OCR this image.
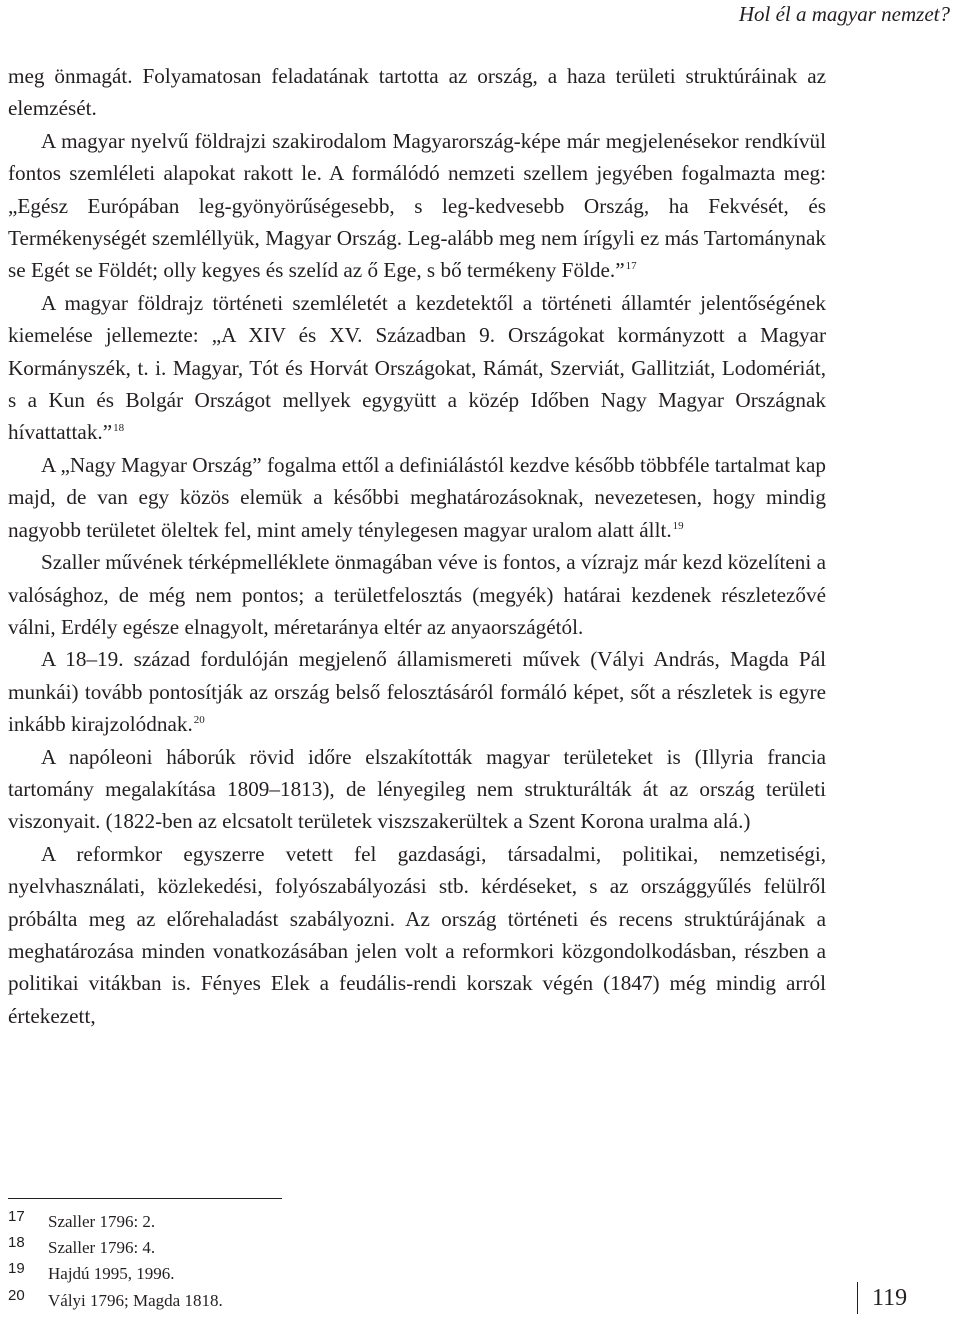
Hol él a magyar nemzet?

meg önmagát. Folyamatosan feladatának tartotta az ország, a haza területi struktúráinak az elemzését.

A magyar nyelvű földrajzi szakirodalom Magyarország-képe már megjelenésekor rendkívül fontos szemléleti alapokat rakott le. A formálódó nemzeti szellem jegyében fogalmazta meg: „Egész Európában leg-gyönyörűségesebb, s leg-kedvesebb Ország, ha Fekvését, és Termékenységét szemléllyük, Magyar Ország. Leg-alább meg nem írígyli ez más Tartománynak se Egét se Földét; olly kegyes és szelíd az ő Ege, s bő termékeny Földe.”$^{17}$

A magyar földrajz történeti szemléletét a kezdetektől a történeti államtér jelentőségének kiemelése jellemezte: „A XIV és XV. Században 9. Országokat kormányzott a Magyar Kormányszék, t. i. Magyar, Tót és Horvát Országokat, Rámát, Szerviát, Gallitziát, Lodomériát, s a Kun és Bolgár Országot mellyek egygyütt a közép Időben Nagy Magyar Országnak hívattattak.”$^{18}$

A „Nagy Magyar Ország” fogalma ettől a definiálástól kezdve később többféle tartalmat kap majd, de van egy közös elemük a későbbi meghatározásoknak, nevezetesen, hogy mindig nagyobb területet öleltek fel, mint amely ténylegesen magyar uralom alatt állt.$^{19}$

Szaller művének térképmelléklete önmagában véve is fontos, a vízrajz már kezd közelíteni a valósághoz, de még nem pontos; a területfelosztás (megyék) határai kezdenek részletezővé válni, Erdély egésze elnagyolt, méretaránya eltér az anyaországétól.

A 18–19. század fordulóján megjelenő államismereti művek (Vályi András, Magda Pál munkái) tovább pontosítják az ország belső felosztásáról formáló képet, sőt a részletek is egyre inkább kirajzolódnak.$^{20}$

A napóleoni háborúk rövid időre elszakították magyar területeket is (Illyria francia tartomány megalakítása 1809–1813), de lényegileg nem strukturálták át az ország területi viszonyait. (1822-ben az elcsatolt területek viszszakerültek a Szent Korona uralma alá.)

A reformkor egyszerre vetett fel gazdasági, társadalmi, politikai, nemzetiségi, nyelvhasználati, közlekedési, folyószabályozási stb. kérdéseket, s az országgyűlés felülről próbálta meg az előrehaladást szabályozni. Az ország történeti és recens struktúrájának a meghatározása minden vonatkozásában jelen volt a reformkori közgondolkodásban, részben a politikai vitákban is. Fényes Elek a feudális-rendi korszak végén (1847) még mindig arról értekezett,

17	Szaller 1796: 2.
18	Szaller 1796: 4.
19	Hajdú 1995, 1996.
20	Vályi 1796; Magda 1818.	119
